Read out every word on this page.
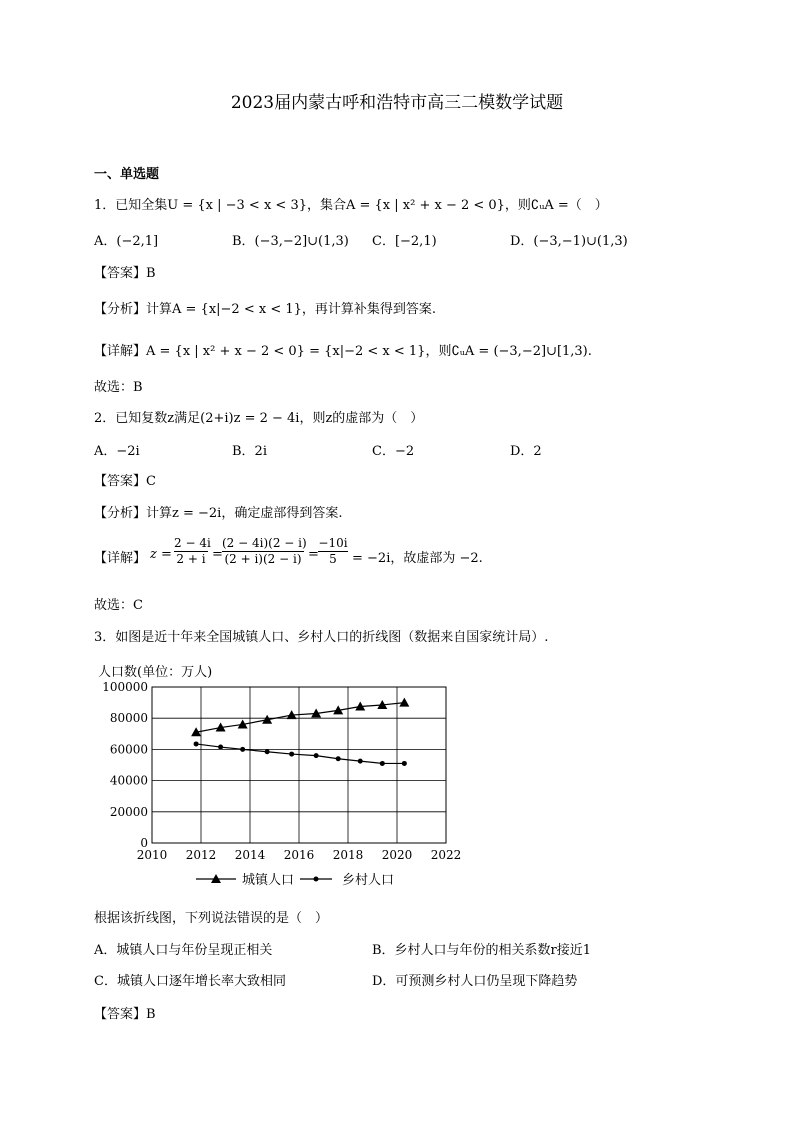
2023届内蒙古呼和浩特市高三二模数学试题
一、单选题
1．已知全集U = {x | −3 < x < 3}，集合A = {x | x² + x − 2 < 0}，则∁ᵤA =（　）
A．(−2,1]	B．(−3,−2]∪(1,3) C．[−2,1)	D．(−3,−1)∪(1,3)
【答案】B
【分析】计算A = {x|−2 < x < 1}，再计算补集得到答案.
【详解】A = {x | x² + x − 2 < 0} = {x|−2 < x < 1}，则∁ᵤA = (−3,−2]∪[1,3).
故选：B
2．已知复数z满足(2+i)z = 2 − 4i，则z的虚部为（　）
A．−2i	B．2i	C．−2	D．2
【答案】C
【分析】计算z = −2i，确定虚部得到答案.
【详解】 $z = \frac{2 - 4i}{2 + i} = \frac{(2 - 4i)(2 - i)}{(2 + i)(2 - i)} = \frac{-10i}{5} = -2i$，故虚部为 −2.
故选：C
3．如图是近十年来全国城镇人口、乡村人口的折线图（数据来自国家统计局）.
人口数(单位：万人)
0
20000
40000
60000
80000
100000
2010 2012 2014 2016 2018 2020 2022
城镇人口	乡村人口
根据该折线图，下列说法错误的是（　）
A．城镇人口与年份呈现正相关	B．乡村人口与年份的相关系数r接近1
C．城镇人口逐年增长率大致相同	D．可预测乡村人口仍呈现下降趋势
【答案】B
